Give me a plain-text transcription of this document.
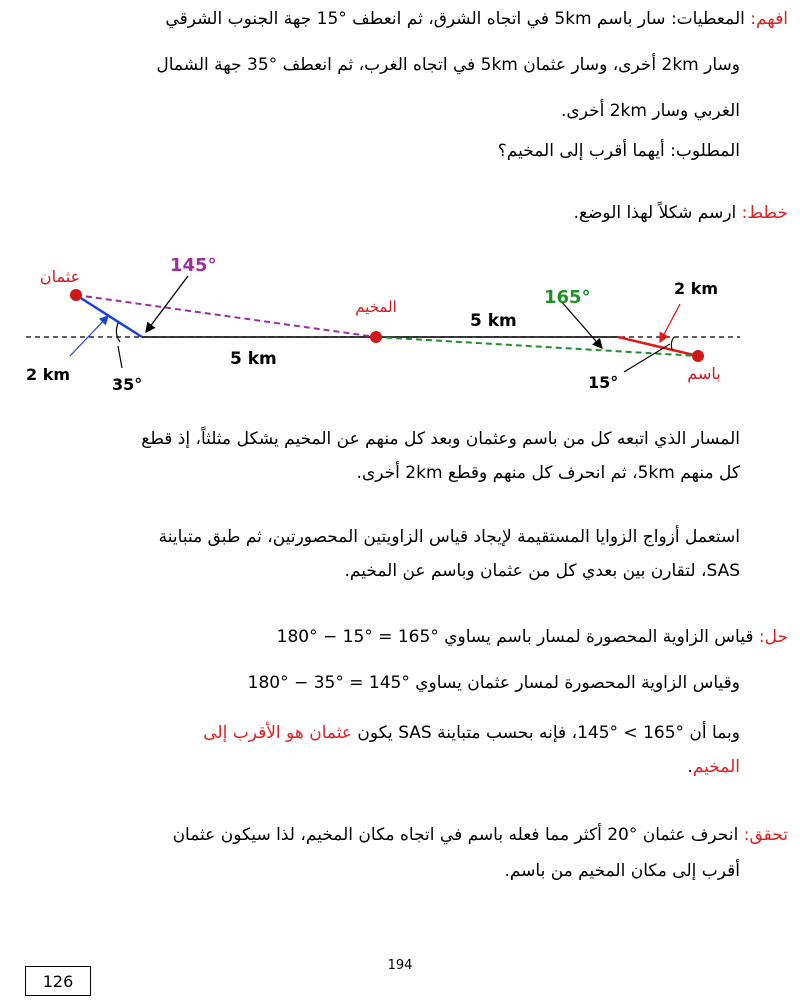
افهم: المعطيات: سار باسم 5km في اتجاه الشرق، ثم انعطف °15 جهة الجنوب الشرقي

وسار 2km أخرى، وسار عثمان 5km في اتجاه الغرب، ثم انعطف °35 جهة الشمال
الغربي وسار 2km أخرى.
المطلوب: أيهما أقرب إلى المخيم؟

خطط: ارسم شكلاً لهذا الوضع.

عثمان
المخيم
باسم
145°
5 km
5 km
2 km
35°
165°	2 km
15°

المسار الذي اتبعه كل من باسم وعثمان وبعد كل منهم عن المخيم يشكل مثلثاً، إذ قطع
كل منهم 5km، ثم انحرف كل منهم وقطع 2km أخرى.

استعمل أزواج الزوايا المستقيمة لإيجاد قياس الزاويتين المحصورتين، ثم طبق متباينة
SAS، لتقارن بين بعدي كل من عثمان وباسم عن المخيم.

حل: قياس الزاوية المحصورة لمسار باسم يساوي °165 = °15 − °180

وقياس الزاوية المحصورة لمسار عثمان يساوي °145 = °35 − °180

وبما أن °165 > °145، فإنه بحسب متباينة SAS يكون عثمان هو الأقرب إلى
المخيم.

تحقق: انحرف عثمان °20 أكثر مما فعله باسم في اتجاه مكان المخيم، لذا سيكون عثمان

أقرب إلى مكان المخيم من باسم.

194
126
